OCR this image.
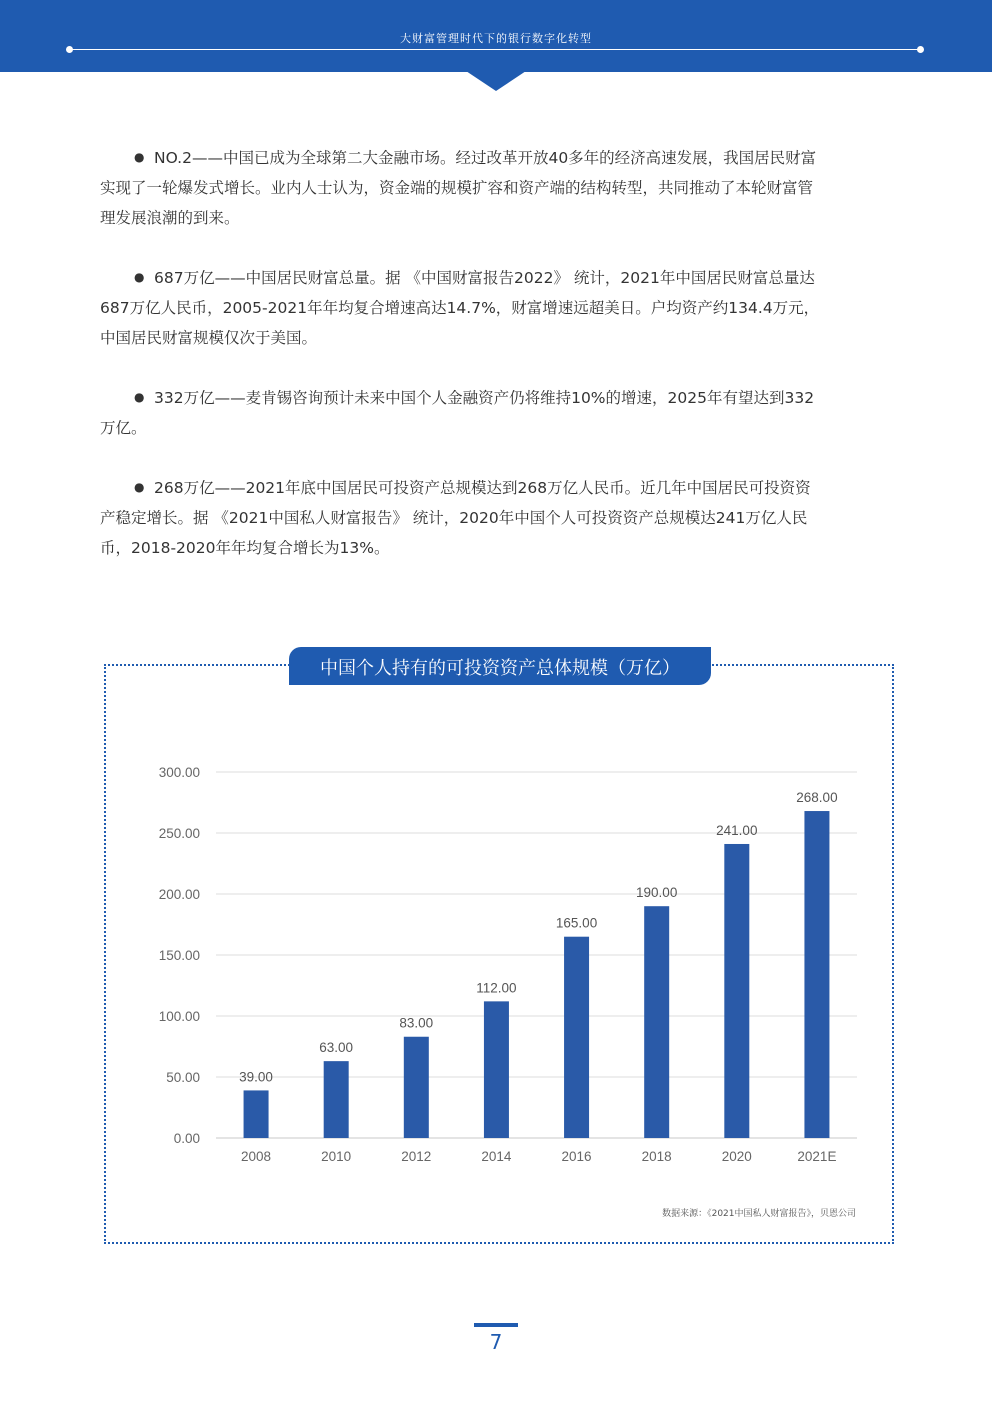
大财富管理时代下的银行数字化转型
● NO.2——中国已成为全球第二大金融市场。经过改革开放40多年的经济高速发展，我国居民财富
实现了一轮爆发式增长。业内人士认为，资金端的规模扩容和资产端的结构转型，共同推动了本轮财富管
理发展浪潮的到来。
● 687万亿——中国居民财富总量。据 《中国财富报告2022》 统计，2021年中国居民财富总量达
687万亿人民币，2005-2021年年均复合增速高达14.7%，财富增速远超美日。户均资产约134.4万元，
中国居民财富规模仅次于美国。
● 332万亿——麦肯锡咨询预计未来中国个人金融资产仍将维持10%的增速，2025年有望达到332
万亿。
● 268万亿——2021年底中国居民可投资产总规模达到268万亿人民币。近几年中国居民可投资资
产稳定增长。据 《2021中国私人财富报告》 统计，2020年中国个人可投资资产总规模达241万亿人民
币，2018-2020年年均复合增长为13%。
中国个人持有的可投资资产总体规模（万亿）
0.00
50.00
100.00
150.00
200.00
250.00
300.00
39.00
2008
63.00
2010
83.00
2012
112.00
2014
165.00
2016
190.00
2018
241.00
2020
268.00
2021E
数据来源：《2021中国私人财富报告》，贝恩公司
7
